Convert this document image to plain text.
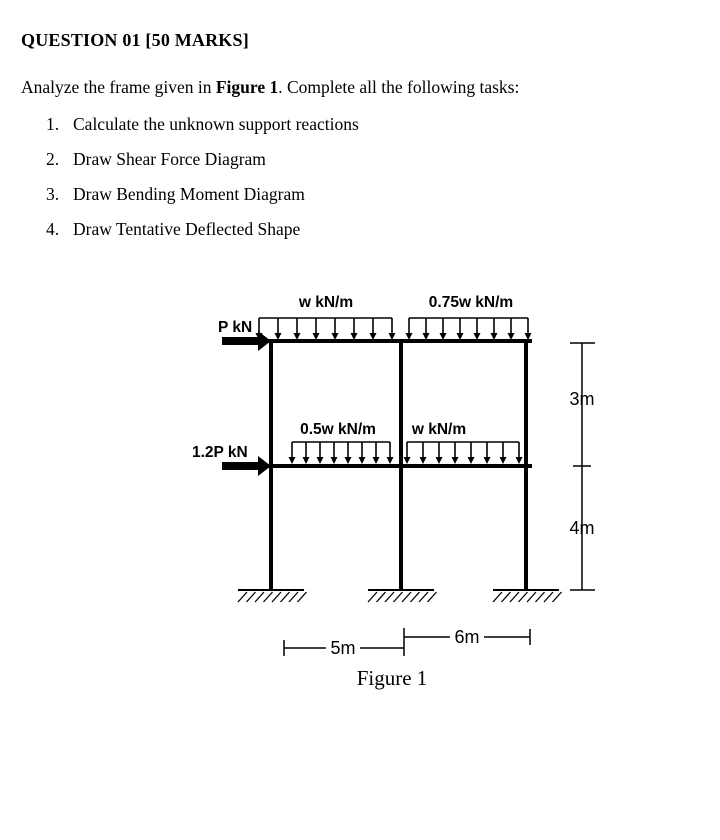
QUESTION 01 [50 MARKS]

Analyze the frame given in Figure 1. Complete all the following tasks:

1. Calculate the unknown support reactions
2. Draw Shear Force Diagram
3. Draw Bending Moment Diagram
4. Draw Tentative Deflected Shape
w kN/m	0.75w kN/m
0.5w kN/m w kN/m
P kN
1.2P kN
3m
4m
5m
6m
Figure 1
